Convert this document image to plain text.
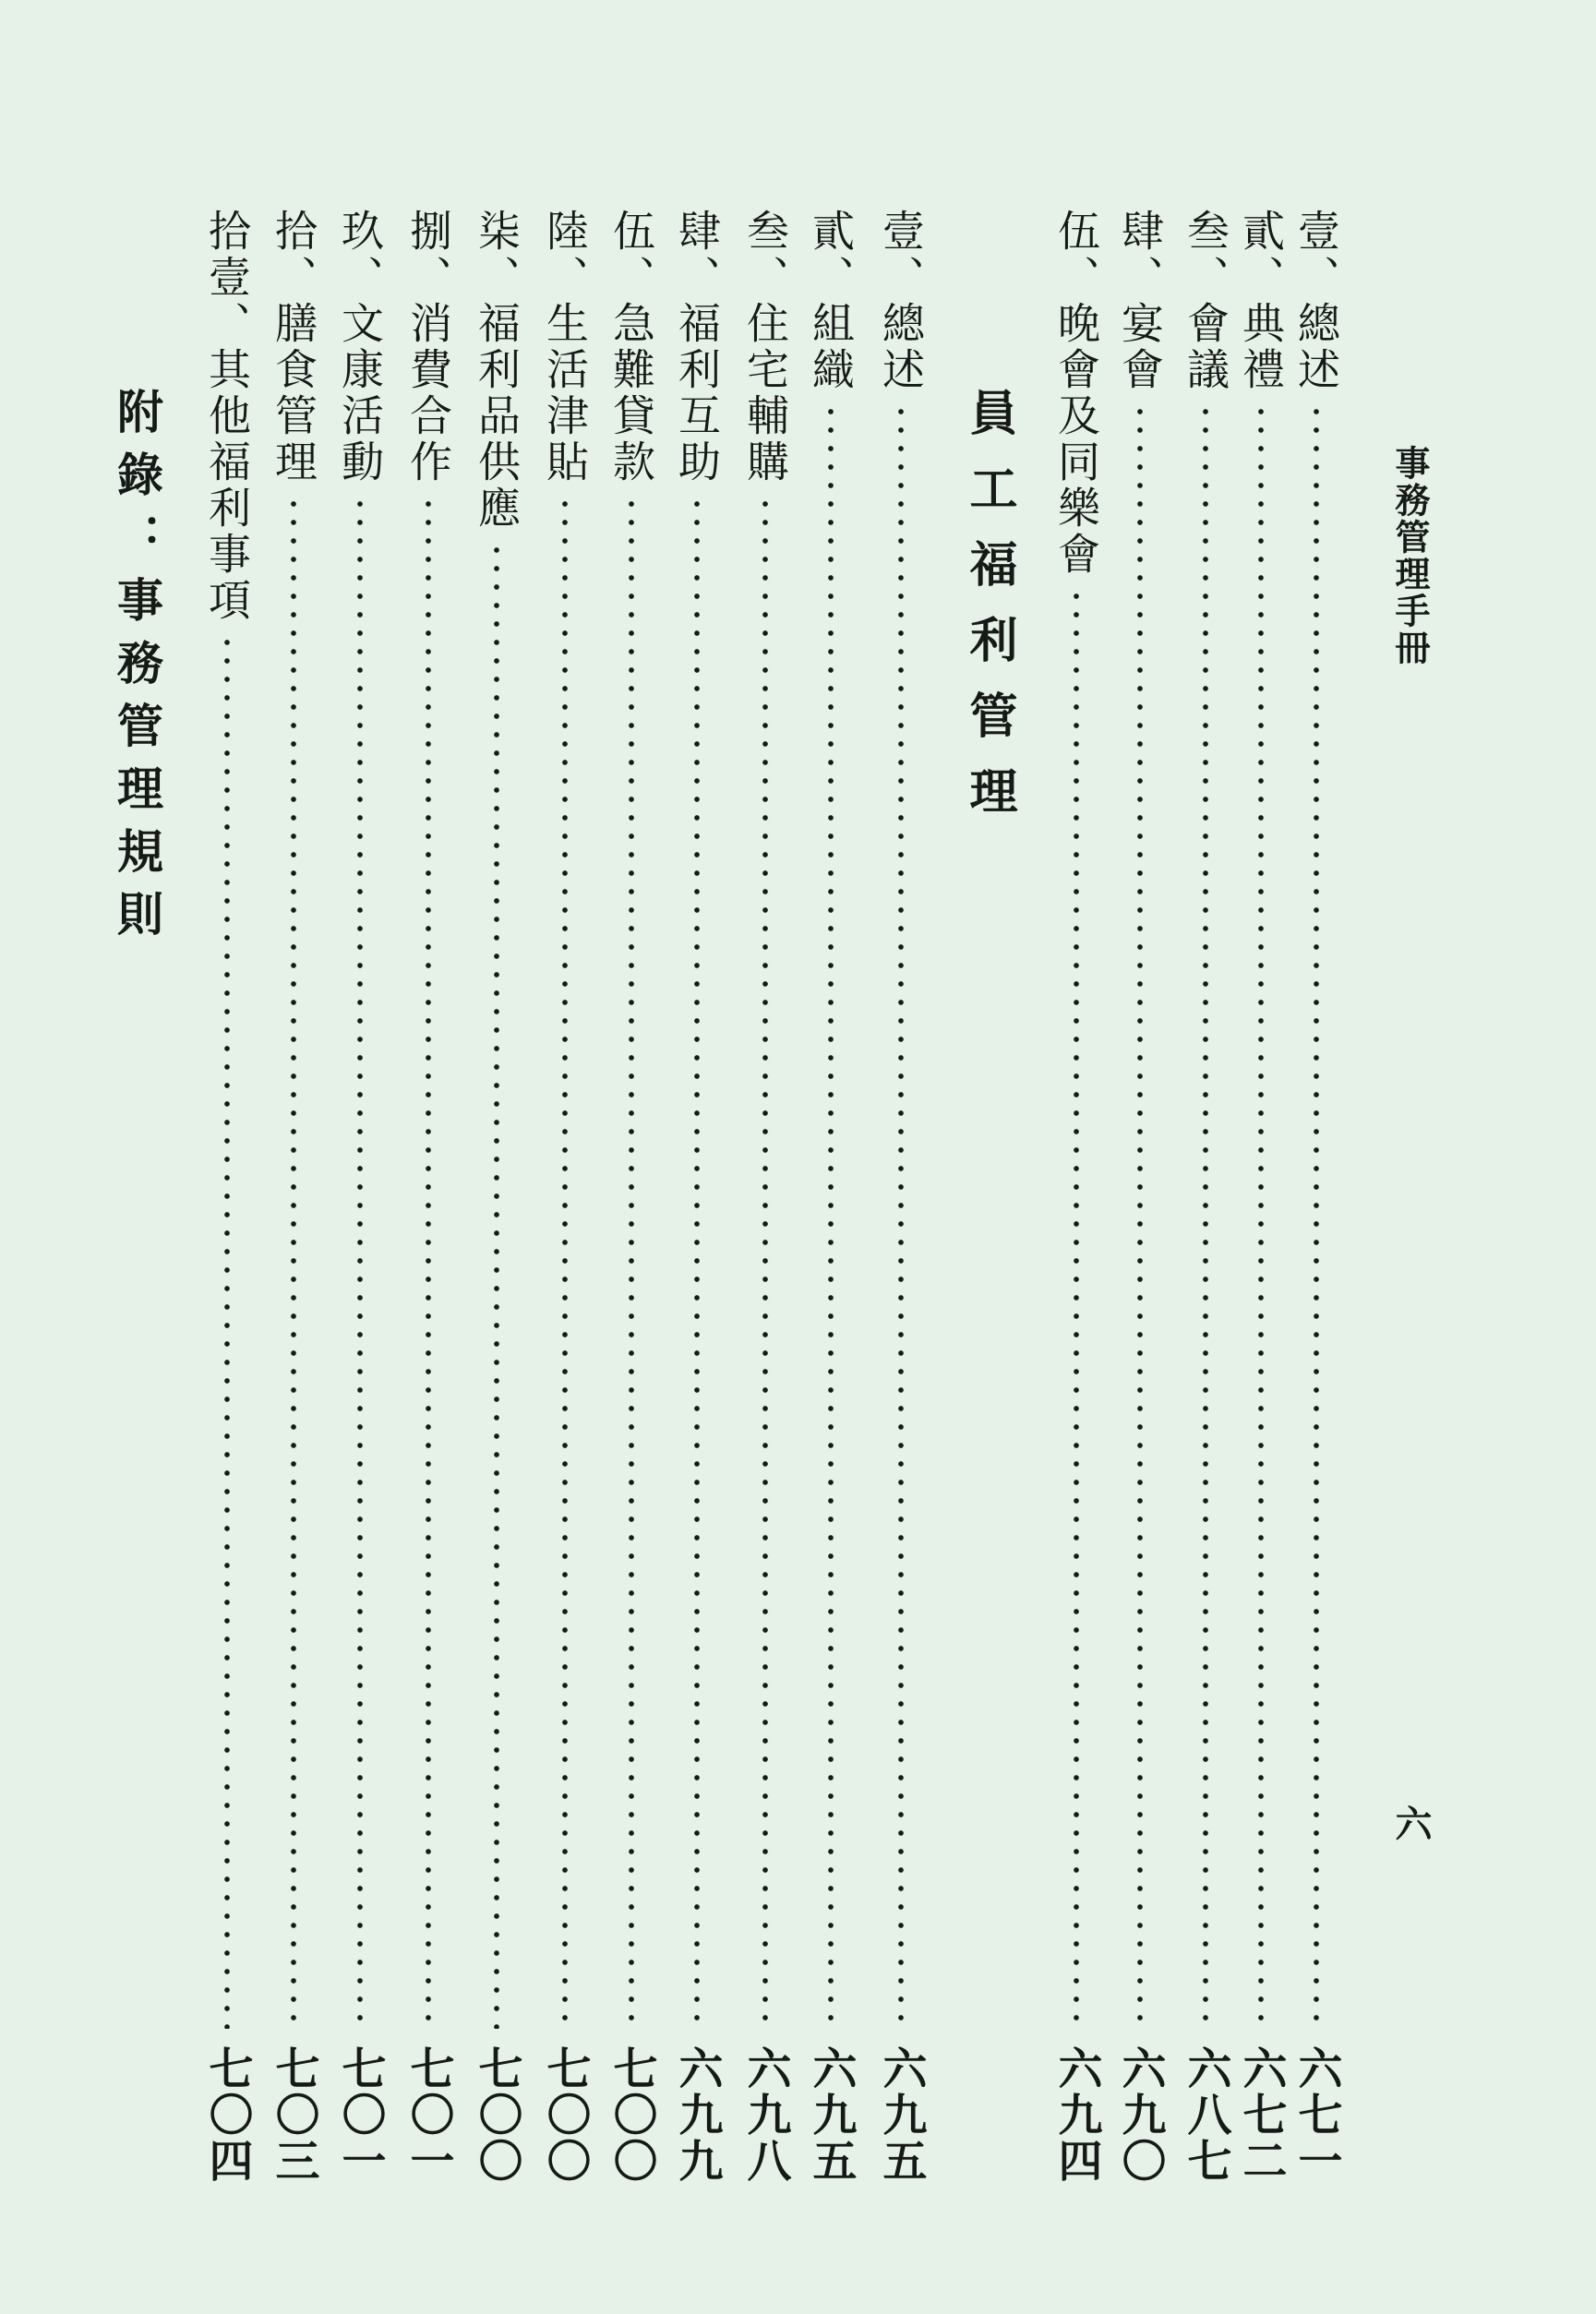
事務管理手冊
六
壹、總述
六七一
貳、典禮
六七二
叁、會議
六八七
肆、宴會
六九〇
伍、晚會及同樂會
六九四
員工福利管理
壹、總述
六九五
貳、組織
六九五
叁、住宅輔購
六九八
肆、福利互助
六九九
伍、急難貸款
七〇〇
陸、生活津貼
七〇〇
柒、福利品供應
七〇〇
捌、消費合作
七〇一
玖、文康活動
七〇一
拾、膳食管理
七〇三
拾壹、其他福利事項
七〇四
附錄：事務管理規則
